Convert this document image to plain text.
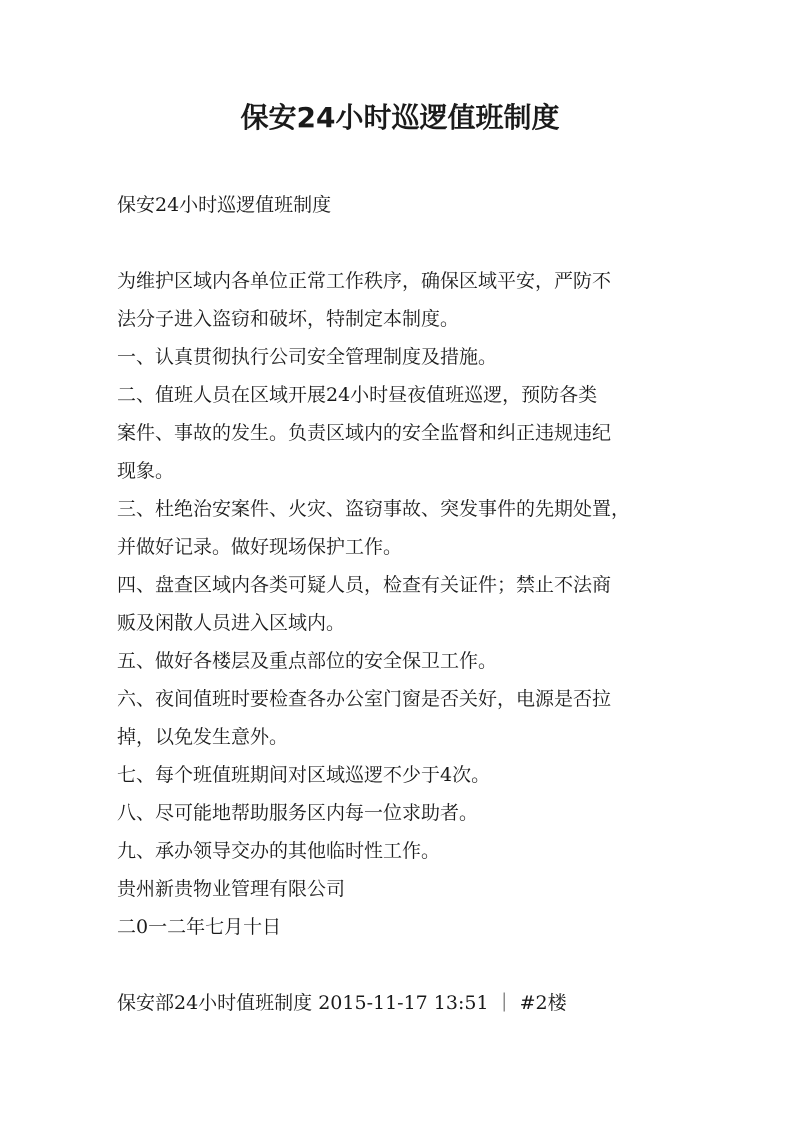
保安24小时巡逻值班制度
保安24小时巡逻值班制度
为维护区域内各单位正常工作秩序，确保区域平安，严防不
法分子进入盗窃和破坏，特制定本制度。
一、认真贯彻执行公司安全管理制度及措施。
二、值班人员在区域开展24小时昼夜值班巡逻，预防各类
案件、事故的发生。负责区域内的安全监督和纠正违规违纪
现象。
三、杜绝治安案件、火灾、盗窃事故、突发事件的先期处置，
并做好记录。做好现场保护工作。
四、盘查区域内各类可疑人员，检查有关证件；禁止不法商
贩及闲散人员进入区域内。
五、做好各楼层及重点部位的安全保卫工作。
六、夜间值班时要检查各办公室门窗是否关好，电源是否拉
掉，以免发生意外。
七、每个班值班期间对区域巡逻不少于4次。
八、尽可能地帮助服务区内每一位求助者。
九、承办领导交办的其他临时性工作。
贵州新贵物业管理有限公司
二0一二年七月十日
保安部24小时值班制度 2015-11-17 13:51 ｜ #2楼
